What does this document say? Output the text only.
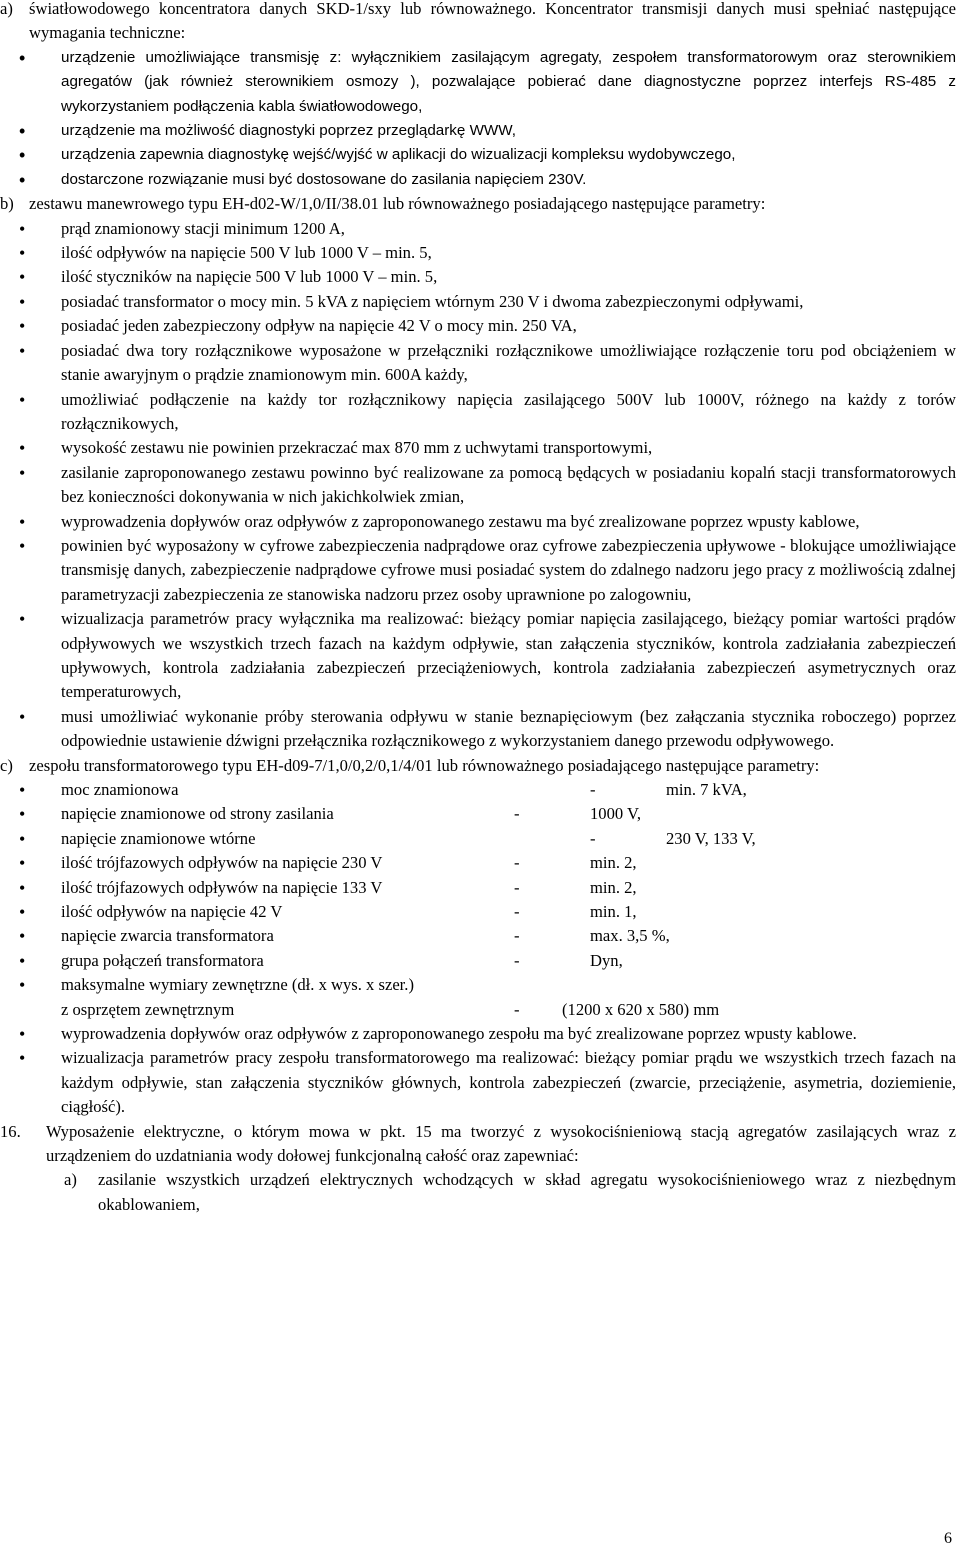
a) światłowodowego koncentratora danych SKD-1/sxy lub równoważnego. Koncentrator transmisji danych musi spełniać następujące wymagania techniczne:
• urządzenie umożliwiające transmisję z: wyłącznikiem zasilającym agregaty, zespołem transformatorowym oraz sterownikiem agregatów (jak również sterownikiem osmozy ), pozwalające pobierać dane diagnostyczne poprzez interfejs RS-485 z wykorzystaniem podłączenia kabla światłowodowego,
• urządzenie ma możliwość diagnostyki poprzez przeglądarkę WWW,
• urządzenia zapewnia diagnostykę wejść/wyjść w aplikacji do wizualizacji kompleksu wydobywczego,
• dostarczone rozwiązanie musi być dostosowane do zasilania napięciem 230V.
b) zestawu manewrowego typu EH-d02-W/1,0/II/38.01 lub równoważnego posiadającego następujące parametry:
• prąd znamionowy stacji minimum 1200 A,
• ilość odpływów na napięcie 500 V lub 1000 V – min. 5,
• ilość styczników na napięcie 500 V lub 1000 V – min. 5,
• posiadać transformator o mocy min. 5 kVA z napięciem wtórnym 230 V i dwoma zabezpieczonymi odpływami,
• posiadać jeden zabezpieczony odpływ na napięcie 42 V o mocy min. 250 VA,
• posiadać dwa tory rozłącznikowe wyposażone w przełączniki rozłącznikowe umożliwiające rozłączenie toru pod obciążeniem w stanie awaryjnym o prądzie znamionowym min. 600A każdy,
• umożliwiać podłączenie na każdy tor rozłącznikowy napięcia zasilającego 500V lub 1000V, różnego na każdy z torów rozłącznikowych,
• wysokość zestawu nie powinien przekraczać max 870 mm z uchwytami transportowymi,
• zasilanie zaproponowanego zestawu powinno być realizowane za pomocą będących w posiadaniu kopalń stacji transformatorowych bez konieczności dokonywania w nich jakichkolwiek zmian,
• wyprowadzenia dopływów oraz odpływów z zaproponowanego zestawu ma być zrealizowane poprzez wpusty kablowe,
• powinien być wyposażony w cyfrowe zabezpieczenia nadprądowe oraz cyfrowe zabezpieczenia upływowe - blokujące umożliwiające transmisję danych, zabezpieczenie nadprądowe cyfrowe musi posiadać system do zdalnego nadzoru jego pracy z możliwością zdalnej parametryzacji zabezpieczenia ze stanowiska nadzoru przez osoby uprawnione po zalogowniu,
• wizualizacja parametrów pracy wyłącznika ma realizować: bieżący pomiar napięcia zasilającego, bieżący pomiar wartości prądów odpływowych we wszystkich trzech fazach na każdym odpływie, stan załączenia styczników, kontrola zadziałania zabezpieczeń upływowych, kontrola zadziałania zabezpieczeń przeciążeniowych, kontrola zadziałania zabezpieczeń asymetrycznych oraz temperaturowych,
• musi umożliwiać wykonanie próby sterowania odpływu w stanie beznapięciowym (bez załączania stycznika roboczego) poprzez odpowiednie ustawienie dźwigni przełącznika rozłącznikowego z wykorzystaniem danego przewodu odpływowego.
c) zespołu transformatorowego typu EH-d09-7/1,0/0,2/0,1/4/01 lub równoważnego posiadającego następujące parametry:
• moc znamionowa	-	min. 7 kVA,
• napięcie znamionowe od strony zasilania	-	1000 V,
• napięcie znamionowe wtórne	-	230 V, 133 V,
• ilość trójfazowych odpływów na napięcie 230 V	-	min. 2,
• ilość trójfazowych odpływów na napięcie 133 V	-	min. 2,
• ilość odpływów na napięcie 42 V	-	min. 1,
• napięcie zwarcia transformatora	-	max. 3,5 %,
• grupa połączeń transformatora	-	Dyn,
• maksymalne wymiary zewnętrzne (dł. x wys. x szer.)
z osprzętem zewnętrznym	-	(1200 x 620 x 580) mm
• wyprowadzenia dopływów oraz odpływów z zaproponowanego zespołu ma być zrealizowane poprzez wpusty kablowe.
• wizualizacja parametrów pracy zespołu transformatorowego ma realizować: bieżący pomiar prądu we wszystkich trzech fazach na każdym odpływie, stan załączenia styczników głównych, kontrola zabezpieczeń (zwarcie, przeciążenie, asymetria, doziemienie, ciągłość).
16. Wyposażenie elektryczne, o którym mowa w pkt. 15 ma tworzyć z wysokociśnieniową stacją agregatów zasilających wraz z urządzeniem do uzdatniania wody dołowej funkcjonalną całość oraz zapewniać:
a) zasilanie wszystkich urządzeń elektrycznych wchodzących w skład agregatu wysokociśnieniowego wraz z niezbędnym okablowaniem,
6
